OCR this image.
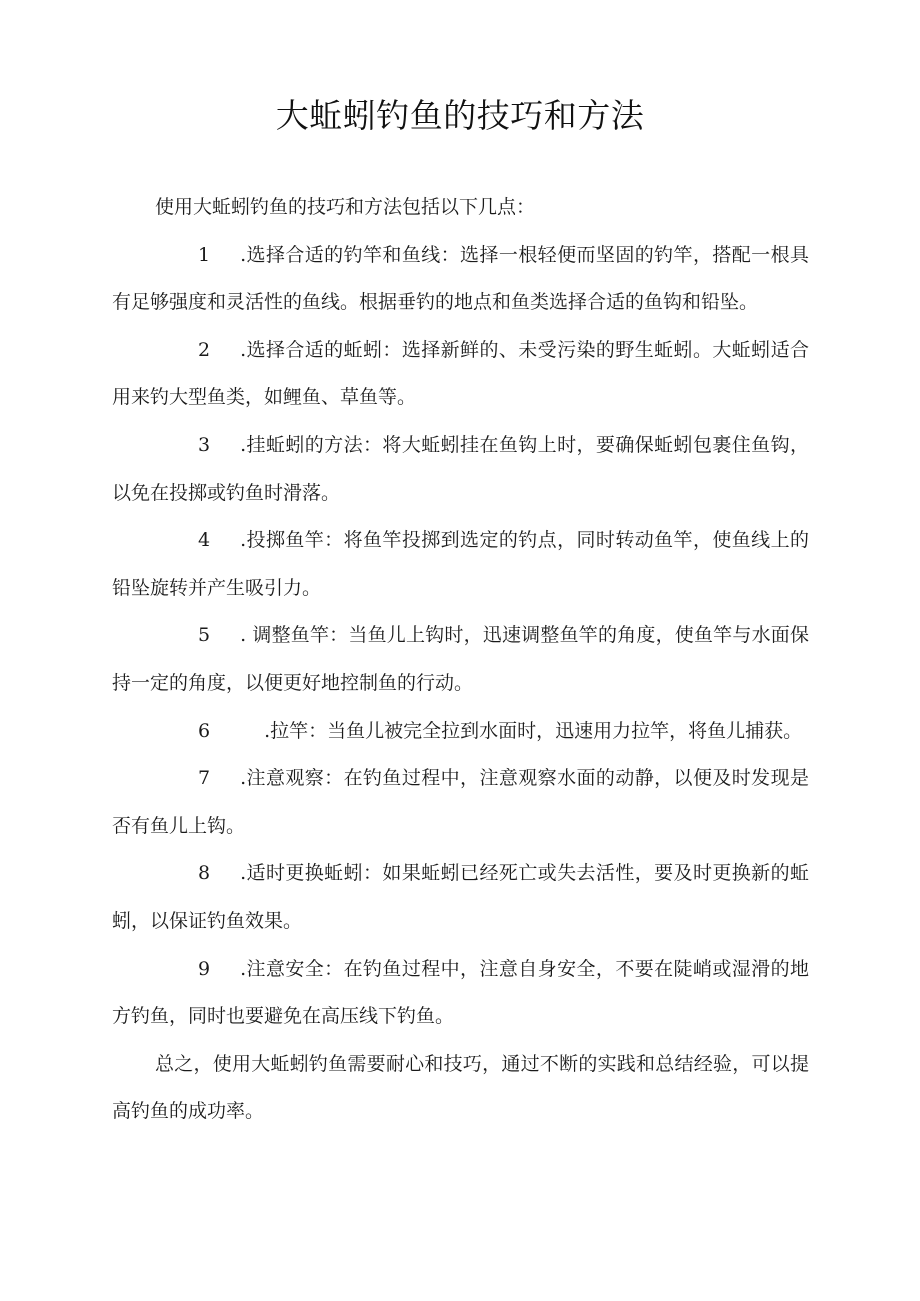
大蚯蚓钓鱼的技巧和方法

使用大蚯蚓钓鱼的技巧和方法包括以下几点：

1 .选择合适的钓竿和鱼线：选择一根轻便而坚固的钓竿，搭配一根具有足够强度和灵活性的鱼线。根据垂钓的地点和鱼类选择合适的鱼钩和铅坠。

2 .选择合适的蚯蚓：选择新鲜的、未受污染的野生蚯蚓。大蚯蚓适合用来钓大型鱼类，如鲤鱼、草鱼等。

3 .挂蚯蚓的方法：将大蚯蚓挂在鱼钩上时，要确保蚯蚓包裹住鱼钩，以免在投掷或钓鱼时滑落。

4 .投掷鱼竿：将鱼竿投掷到选定的钓点，同时转动鱼竿，使鱼线上的铅坠旋转并产生吸引力。

5 . 调整鱼竿：当鱼儿上钩时，迅速调整鱼竿的角度，使鱼竿与水面保持一定的角度，以便更好地控制鱼的行动。

6	.拉竿：当鱼儿被完全拉到水面时，迅速用力拉竿，将鱼儿捕获。

7 .注意观察：在钓鱼过程中，注意观察水面的动静，以便及时发现是否有鱼儿上钩。

8 .适时更换蚯蚓：如果蚯蚓已经死亡或失去活性，要及时更换新的蚯蚓，以保证钓鱼效果。

9 .注意安全：在钓鱼过程中，注意自身安全，不要在陡峭或湿滑的地方钓鱼，同时也要避免在高压线下钓鱼。

总之，使用大蚯蚓钓鱼需要耐心和技巧，通过不断的实践和总结经验，可以提高钓鱼的成功率。
